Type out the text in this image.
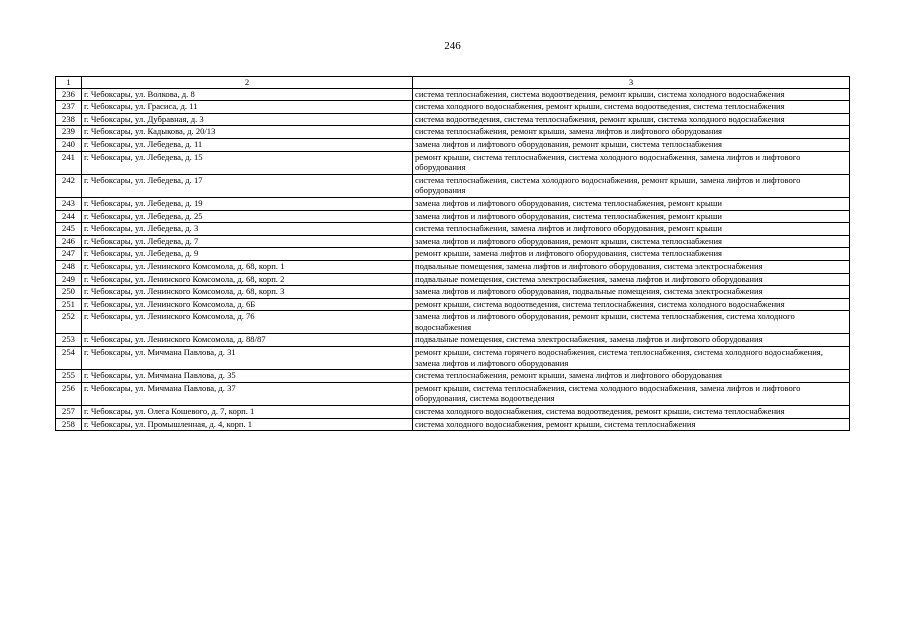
246
1	2	3
236	г. Чебоксары, ул. Волкова, д. 8	система теплоснабжения, система водоотведения, ремонт крыши, система холодного водоснабжения
237	г. Чебоксары, ул. Грасиса, д. 11	система холодного водоснабжения, ремонт крыши, система водоотведения, система теплоснабжения
238	г. Чебоксары, ул. Дубравная, д. 3	система водоотведения, система теплоснабжения, ремонт крыши, система холодного водоснабжения
239	г. Чебоксары, ул. Кадыкова, д. 20/13	система теплоснабжения, ремонт крыши, замена лифтов и лифтового оборудования
240	г. Чебоксары, ул. Лебедева, д. 11	замена лифтов и лифтового оборудования, ремонт крыши, система теплоснабжения
241	г. Чебоксары, ул. Лебедева, д. 15	ремонт крыши, система теплоснабжения, система холодного водоснабжения, замена лифтов и лифтового оборудования
242	г. Чебоксары, ул. Лебедева, д. 17	система теплоснабжения, система холодного водоснабжения, ремонт крыши, замена лифтов и лифтового оборудования
243	г. Чебоксары, ул. Лебедева, д. 19	замена лифтов и лифтового оборудования, система теплоснабжения, ремонт крыши
244	г. Чебоксары, ул. Лебедева, д. 25	замена лифтов и лифтового оборудования, система теплоснабжения, ремонт крыши
245	г. Чебоксары, ул. Лебедева, д. 3	система теплоснабжения, замена лифтов и лифтового оборудования, ремонт крыши
246	г. Чебоксары, ул. Лебедева, д. 7	замена лифтов и лифтового оборудования, ремонт крыши, система теплоснабжения
247	г. Чебоксары, ул. Лебедева, д. 9	ремонт крыши, замена лифтов и лифтового оборудования, система теплоснабжения
248	г. Чебоксары, ул. Ленинского Комсомола, д. 68, корп. 1	подвальные помещения, замена лифтов и лифтового оборудования, система электроснабжения
249	г. Чебоксары, ул. Ленинского Комсомола, д. 68, корп. 2	подвальные помещения, система электроснабжения, замена лифтов и лифтового оборудования
250	г. Чебоксары, ул. Ленинского Комсомола, д. 68, корп. 3	замена лифтов и лифтового оборудования, подвальные помещения, система электроснабжения
251	г. Чебоксары, ул. Ленинского Комсомола, д. 6Б	ремонт крыши, система водоотведения, система теплоснабжения, система холодного водоснабжения
252	г. Чебоксары, ул. Ленинского Комсомола, д. 76	замена лифтов и лифтового оборудования, ремонт крыши, система теплоснабжения, система холодного водоснабжения
253	г. Чебоксары, ул. Ленинского Комсомола, д. 88/87	подвальные помещения, система электроснабжения, замена лифтов и лифтового оборудования
254	г. Чебоксары, ул. Мичмана Павлова, д. 31	ремонт крыши, система горячего водоснабжения, система теплоснабжения, система холодного водоснабжения, замена лифтов и лифтового оборудования
255	г. Чебоксары, ул. Мичмана Павлова, д. 35	система теплоснабжения, ремонт крыши, замена лифтов и лифтового оборудования
256	г. Чебоксары, ул. Мичмана Павлова, д. 37	ремонт крыши, система теплоснабжения, система холодного водоснабжения, замена лифтов и лифтового оборудования, система водоотведения
257	г. Чебоксары, ул. Олега Кошевого, д. 7, корп. 1	система холодного водоснабжения, система водоотведения, ремонт крыши, система теплоснабжения
258	г. Чебоксары, ул. Промышленная, д. 4, корп. 1	система холодного водоснабжения, ремонт крыши, система теплоснабжения
